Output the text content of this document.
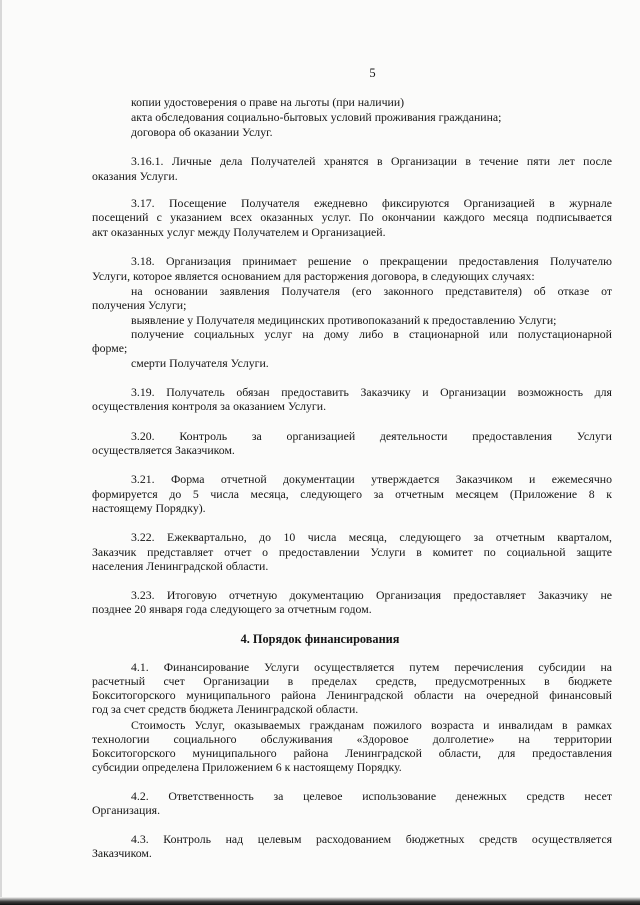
5
копии удостоверения о праве на льготы (при наличии)
акта обследования социально-бытовых условий проживания гражданина;
договора об оказании Услуг.
3.16.1. Личные дела Получателей хранятся в Организации в течение пяти лет после
оказания Услуги.
3.17. Посещение Получателя ежедневно фиксируются Организацией в журнале
посещений с указанием всех оказанных услуг. По окончании каждого месяца подписывается
акт оказанных услуг между Получателем и Организацией.
3.18. Организация принимает решение о прекращении предоставления Получателю
Услуги, которое является основанием для расторжения договора, в следующих случаях:
на основании заявления Получателя (его законного представителя) об отказе от
получения Услуги;
выявление у Получателя медицинских противопоказаний к предоставлению Услуги;
получение социальных услуг на дому либо в стационарной или полустационарной
форме;
смерти Получателя Услуги.
3.19. Получатель обязан предоставить Заказчику и Организации возможность для
осуществления контроля за оказанием Услуги.
3.20. Контроль за организацией деятельности предоставления Услуги
осуществляется Заказчиком.
3.21. Форма отчетной документации утверждается Заказчиком и ежемесячно
формируется до 5 числа месяца, следующего за отчетным месяцем (Приложение 8 к
настоящему Порядку).
3.22. Ежеквартально, до 10 числа месяца, следующего за отчетным кварталом,
Заказчик представляет отчет о предоставлении Услуги в комитет по социальной защите
населения Ленинградской области.
3.23. Итоговую отчетную документацию Организация предоставляет Заказчику не
позднее 20 января года следующего за отчетным годом.
4. Порядок финансирования
4.1. Финансирование Услуги осуществляется путем перечисления субсидии на
расчетный счет Организации в пределах средств, предусмотренных в бюджете
Бокситогорского муниципального района Ленинградской области на очередной финансовый
год за счет средств бюджета Ленинградской области.
Стоимость Услуг, оказываемых гражданам пожилого возраста и инвалидам в рамках
технологии социального обслуживания «Здоровое долголетие» на территории
Бокситогорского муниципального района Ленинградской области, для предоставления
субсидии определена Приложением 6 к настоящему Порядку.
4.2. Ответственность за целевое использование денежных средств несет
Организация.
4.3. Контроль над целевым расходованием бюджетных средств осуществляется
Заказчиком.
